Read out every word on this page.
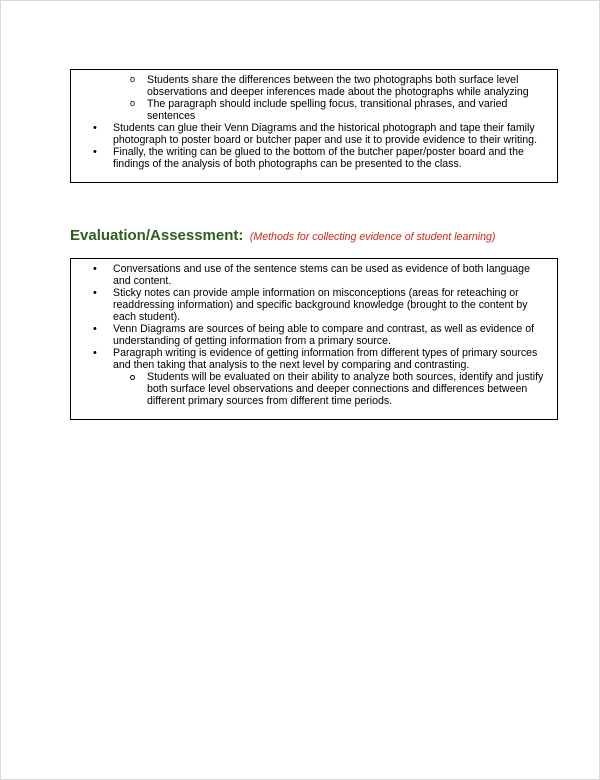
o Students share the differences between the two photographs both surface level observations and deeper inferences made about the photographs while analyzing
o The paragraph should include spelling focus, transitional phrases, and varied sentences
• Students can glue their Venn Diagrams and the historical photograph and tape their family photograph to poster board or butcher paper and use it to provide evidence to their writing.
• Finally, the writing can be glued to the bottom of the butcher paper/poster board and the findings of the analysis of both photographs can be presented to the class.
Evaluation/Assessment: (Methods for collecting evidence of student learning)
• Conversations and use of the sentence stems can be used as evidence of both language and content.
• Sticky notes can provide ample information on misconceptions (areas for reteaching or readdressing information) and specific background knowledge (brought to the content by each student).
• Venn Diagrams are sources of being able to compare and contrast, as well as evidence of understanding of getting information from a primary source.
• Paragraph writing is evidence of getting information from different types of primary sources and then taking that analysis to the next level by comparing and contrasting.
Students will be evaluated on their ability to analyze both sources, identify and justify both surface level observations and deeper connections and differences between different primary sources from different time periods.
